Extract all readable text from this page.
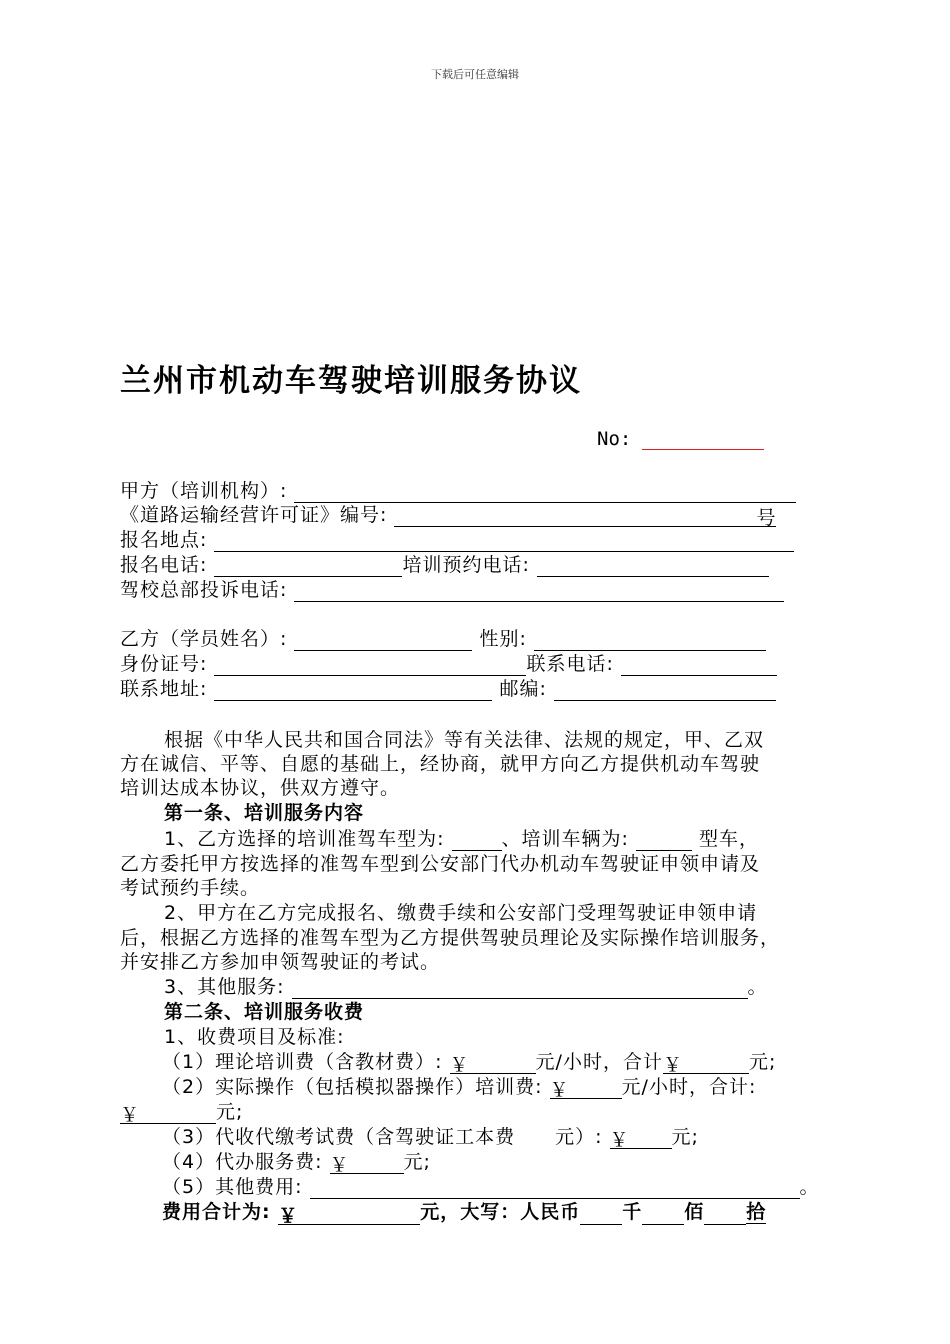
下载后可任意编辑
兰州市机动车驾驶培训服务协议
No:
甲方（培训机构）:
《道路运输经营许可证》编号:	号
报名地点:
报名电话:	培训预约电话:
驾校总部投诉电话:
乙方（学员姓名）:	性别:
身份证号:	联系电话:
联系地址:	邮编:
根据《中华人民共和国合同法》等有关法律、法规的规定，甲、乙双
方在诚信、平等、自愿的基础上，经协商，就甲方向乙方提供机动车驾驶
培训达成本协议，供双方遵守。
第一条、培训服务内容
1、乙方选择的培训准驾车型为:	、培训车辆为:	型车，
乙方委托甲方按选择的准驾车型到公安部门代办机动车驾驶证申领申请及
考试预约手续。
2、甲方在乙方完成报名、缴费手续和公安部门受理驾驶证申领申请
后，根据乙方选择的准驾车型为乙方提供驾驶员理论及实际操作培训服务，
并安排乙方参加申领驾驶证的考试。
3、其他服务:	。
第二条、培训服务收费
1、收费项目及标准:
（1）理论培训费（含教材费）: ￥	元/小时，合计￥	元;
（2）实际操作（包括模拟器操作）培训费: ￥	元/小时，合计:
￥	元;
（3）代收代缴考试费（含驾驶证工本费　　元）: ￥ 元;
（4）代办服务费: ￥	元;
（5）其他费用:	。
费用合计为: ￥	元，大写：人民币 千 佰 拾
